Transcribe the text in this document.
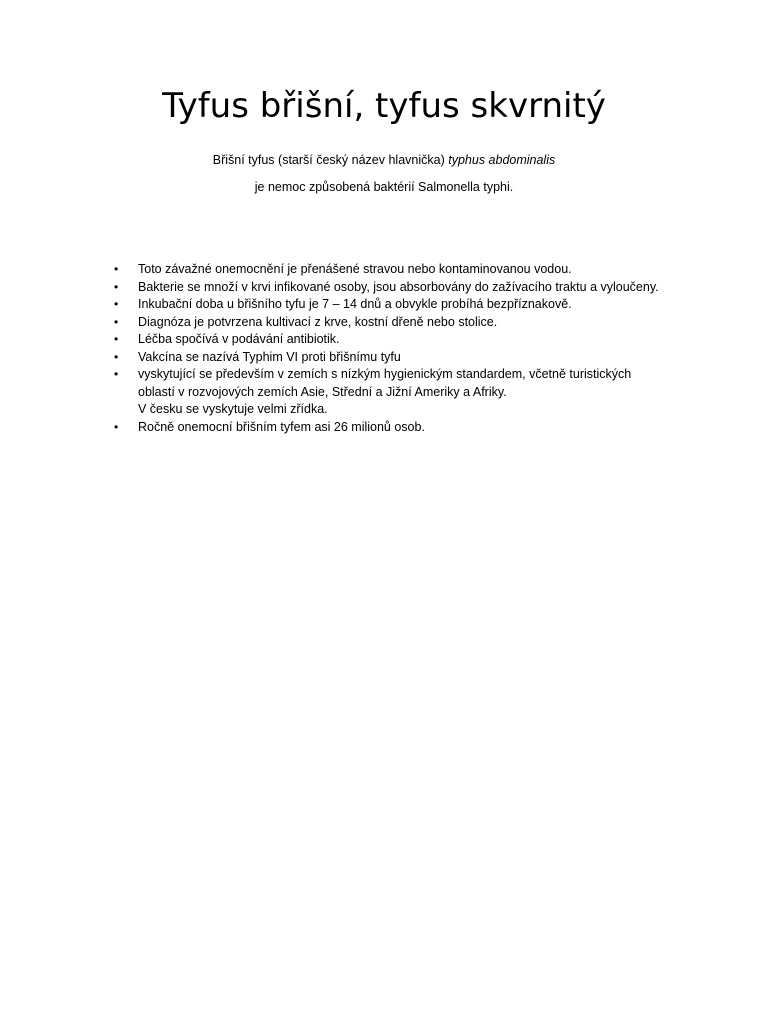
Tyfus břišní, tyfus skvrnitý

Břišní tyfus (starší český název hlavnička) typhus abdominalis

je nemoc způsobená baktérií Salmonella typhi.

•	Toto závažné onemocnění je přenášené stravou nebo kontaminovanou vodou.
•	Bakterie se množí v krvi infikované osoby, jsou absorbovány do zažívacího traktu a vyloučeny.
•	Inkubační doba u břišního tyfu je 7 – 14 dnů a obvykle probíhá bezpříznakově.
•	Diagnóza je potvrzena kultivací z krve, kostní dřeně nebo stolice.
•	Léčba spočívá v podávání antibiotik.
•	Vakcína se nazívá Typhim VI proti břišnímu tyfu
•	vyskytující se především v zemích s nízkým hygienickým standardem, včetně turistických
oblastí v rozvojových zemích Asie, Střední a Jižní Ameriky a Afriky.
V česku se vyskytuje velmi zřídka.
•	Ročně onemocní břišním tyfem asi 26 milionů osob.
